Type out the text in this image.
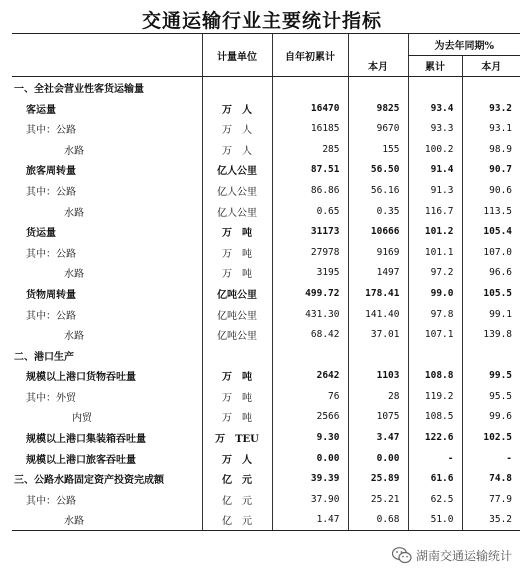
交通运输行业主要统计指标
	计量单位	自年初累计		为去年同期%	
			本月	累计	本月
一、全社会营业性客货运输量					
客运量	万　人	16470	9825	93.4	93.2
其中：公路	万　人	16185	9670	93.3	93.1
水路	万　人	285	155	100.2	98.9
旅客周转量	亿人公里	87.51	56.50	91.4	90.7
其中：公路	亿人公里	86.86	56.16	91.3	90.6
水路	亿人公里	0.65	0.35	116.7	113.5
货运量	万　吨	31173	10666	101.2	105.4
其中：公路	万　吨	27978	9169	101.1	107.0
水路	万　吨	3195	1497	97.2	96.6
货物周转量	亿吨公里	499.72	178.41	99.0	105.5
其中：公路	亿吨公里	431.30	141.40	97.8	99.1
水路	亿吨公里	68.42	37.01	107.1	139.8
二、港口生产					
规模以上港口货物吞吐量	万　吨	2642	1103	108.8	99.5
其中：外贸	万　吨	76	28	119.2	95.5
内贸	万　吨	2566	1075	108.5	99.6
规模以上港口集装箱吞吐量	万　TEU	9.30	3.47	122.6	102.5
规模以上港口旅客吞吐量	万　人	0.00	0.00	-	-
三、公路水路固定资产投资完成额	亿　元	39.39	25.89	61.6	74.8
其中：公路	亿　元	37.90	25.21	62.5	77.9
水路	亿　元	1.47	0.68	51.0	35.2
湖南交通运输统计
